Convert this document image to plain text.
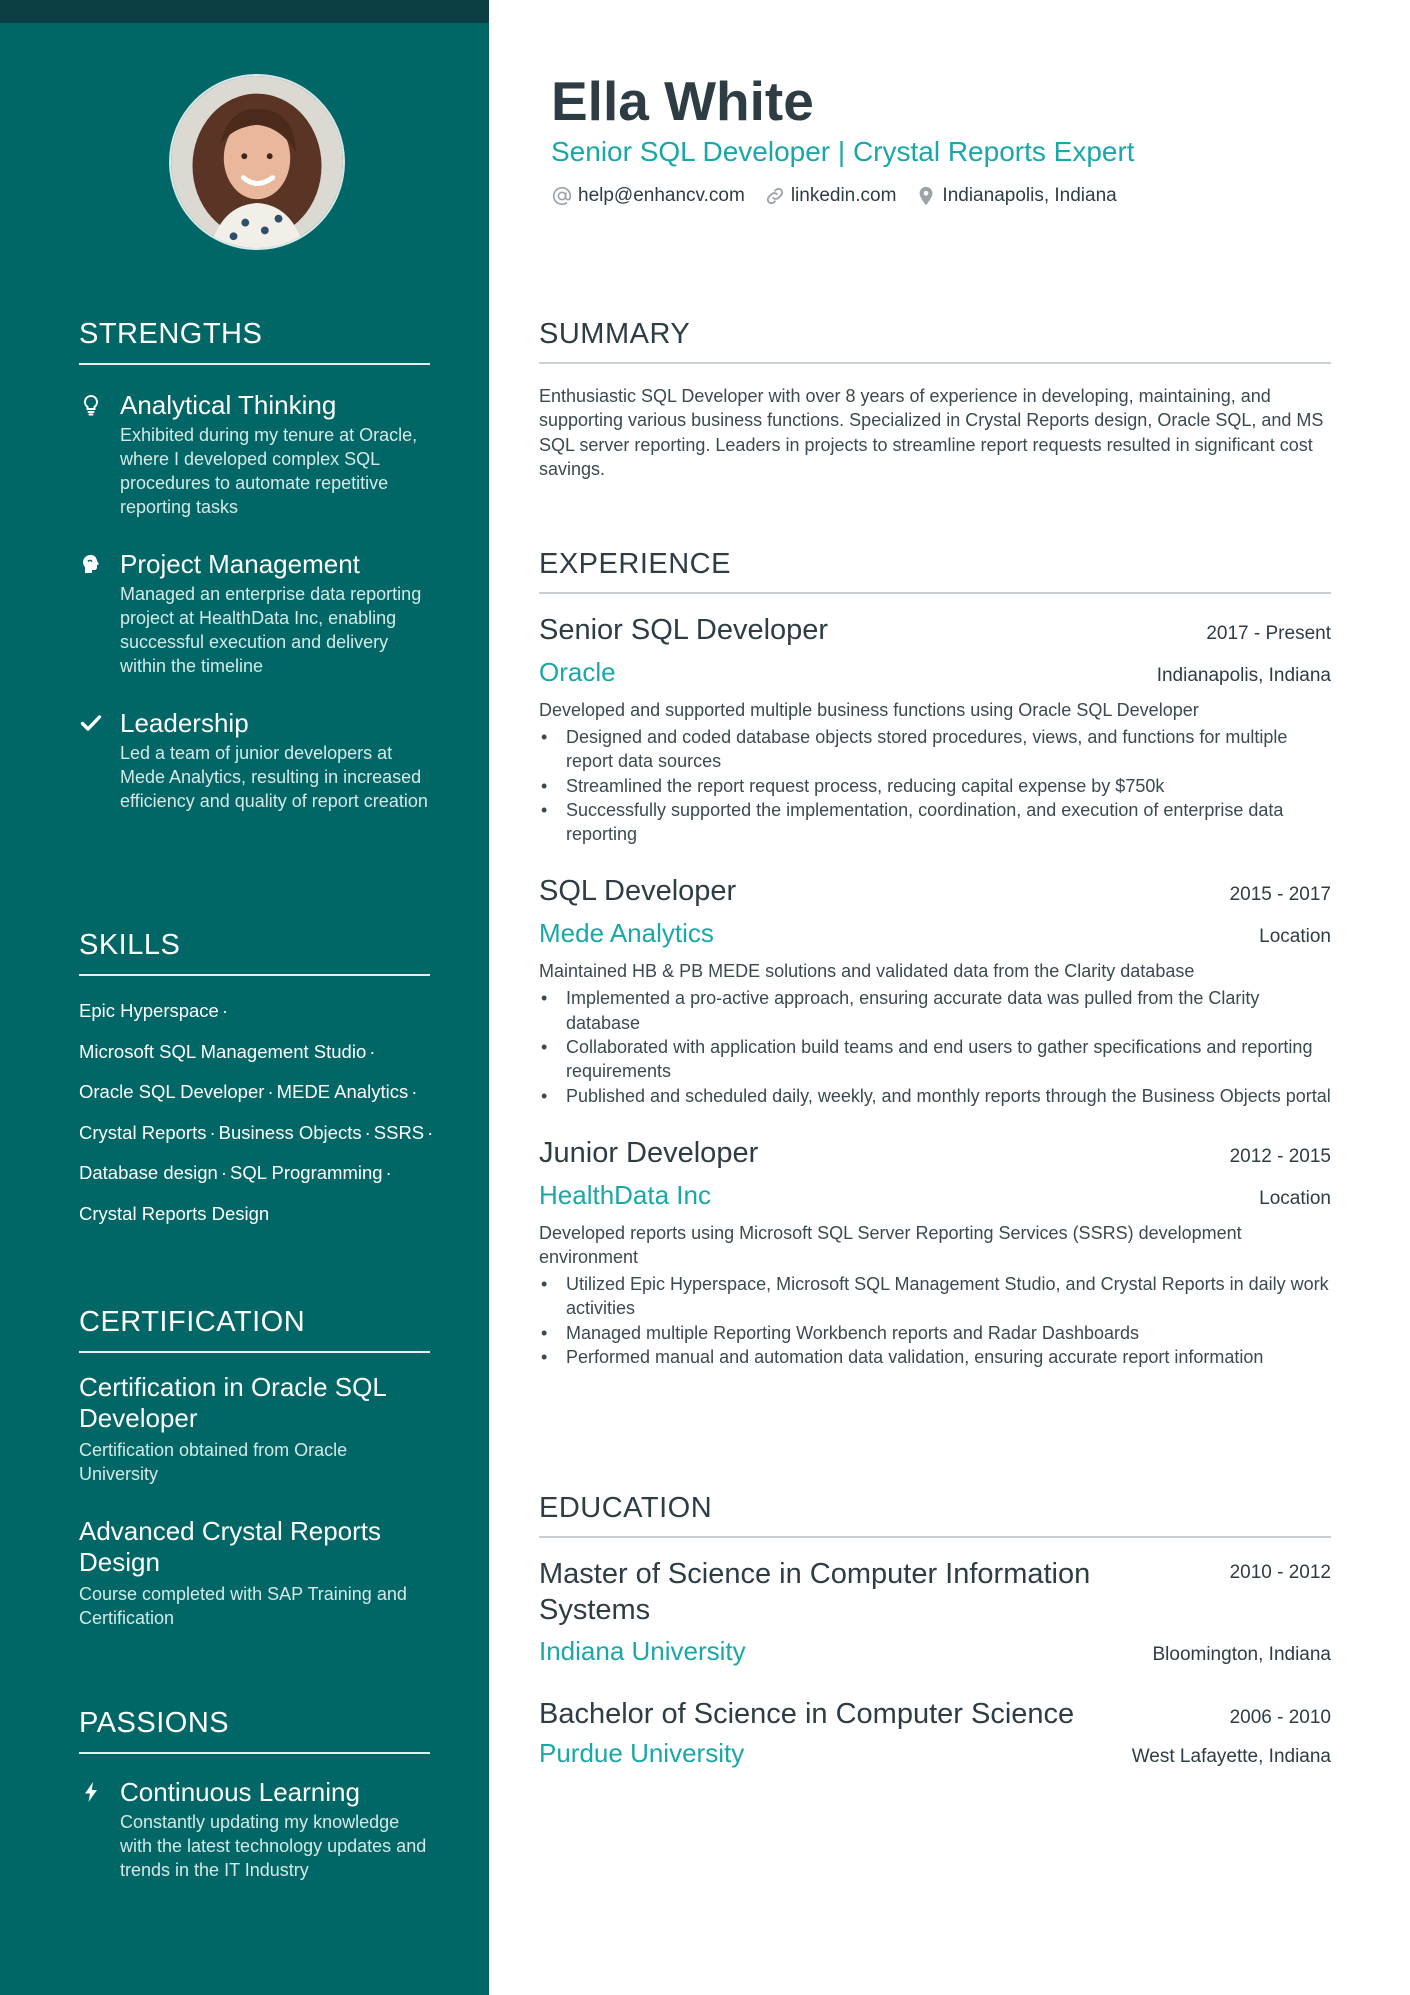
STRENGTHS
Analytical Thinking
Exhibited during my tenure at Oracle, where I developed complex SQL procedures to automate repetitive reporting tasks
Project Management
Managed an enterprise data reporting project at HealthData Inc, enabling successful execution and delivery within the timeline
Leadership
Led a team of junior developers at Mede Analytics, resulting in increased efficiency and quality of report creation
SKILLS
Epic Hyperspace ·
Microsoft SQL Management Studio ·
Oracle SQL Developer · MEDE Analytics ·
Crystal Reports · Business Objects · SSRS ·
Database design · SQL Programming ·
Crystal Reports Design
CERTIFICATION
Certification in Oracle SQL Developer
Certification obtained from Oracle University
Advanced Crystal Reports Design
Course completed with SAP Training and Certification
PASSIONS
Continuous Learning
Constantly updating my knowledge with the latest technology updates and trends in the IT Industry
Ella White
Senior SQL Developer | Crystal Reports Expert
help@enhancv.com linkedin.com Indianapolis, Indiana
SUMMARY
Enthusiastic SQL Developer with over 8 years of experience in developing, maintaining, and supporting various business functions. Specialized in Crystal Reports design, Oracle SQL, and MS SQL server reporting. Leaders in projects to streamline report requests resulted in significant cost savings.
EXPERIENCE
Senior SQL Developer	2017 - Present
Oracle	Indianapolis, Indiana
Developed and supported multiple business functions using Oracle SQL Developer
• Designed and coded database objects stored procedures, views, and functions for multiple report data sources
• Streamlined the report request process, reducing capital expense by $750k
• Successfully supported the implementation, coordination, and execution of enterprise data reporting
SQL Developer	2015 - 2017
Mede Analytics	Location
Maintained HB & PB MEDE solutions and validated data from the Clarity database
• Implemented a pro-active approach, ensuring accurate data was pulled from the Clarity database
• Collaborated with application build teams and end users to gather specifications and reporting requirements
• Published and scheduled daily, weekly, and monthly reports through the Business Objects portal
Junior Developer	2012 - 2015
HealthData Inc	Location
Developed reports using Microsoft SQL Server Reporting Services (SSRS) development environment
• Utilized Epic Hyperspace, Microsoft SQL Management Studio, and Crystal Reports in daily work activities
• Managed multiple Reporting Workbench reports and Radar Dashboards
• Performed manual and automation data validation, ensuring accurate report information
EDUCATION
Master of Science in Computer Information Systems
2010 - 2012
Indiana University	Bloomington, Indiana
Bachelor of Science in Computer Science	2006 - 2010
Purdue University	West Lafayette, Indiana
